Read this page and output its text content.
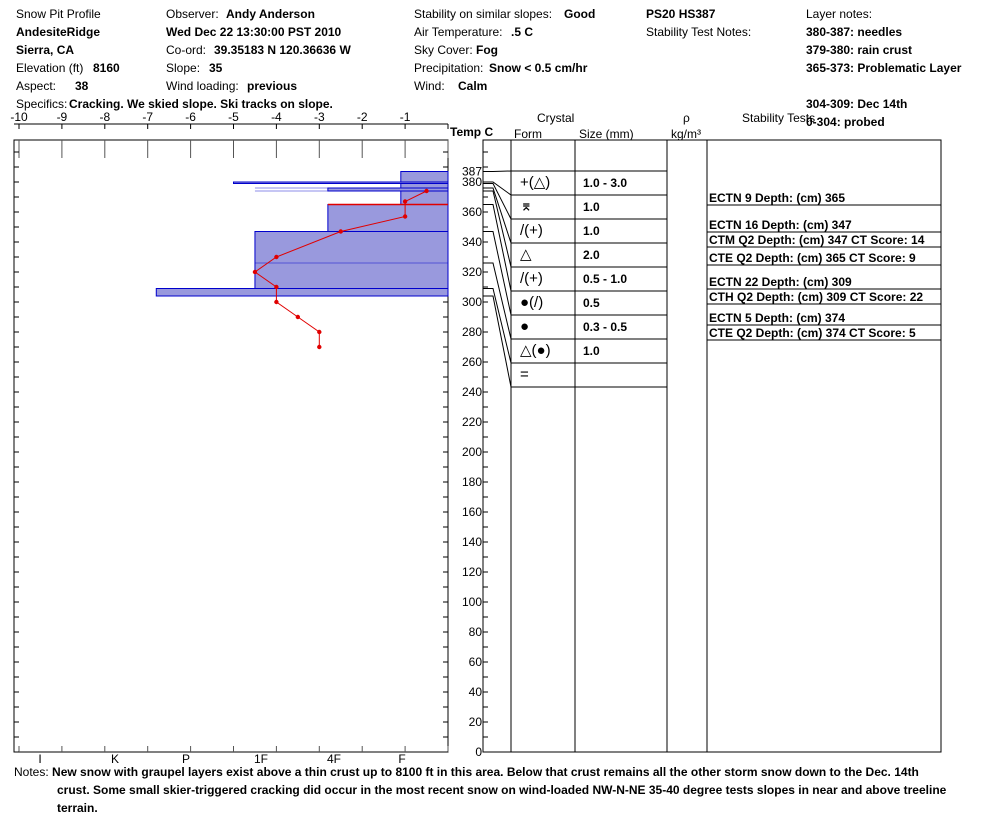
Snow Pit Profile
AndesiteRidge
Sierra, CA
Elevation (ft) 8160
Aspect: 38
Specifics: Cracking. We skied slope. Ski tracks on slope.
Observer: Andy Anderson
Wed Dec 22 13:30:00 PST 2010
Co-ord: 39.35183 N 120.36636 W
Slope: 35
Wind loading: previous
Stability on similar slopes: Good
Air Temperature: .5 C
Sky Cover: Fog
Precipitation: Snow < 0.5 cm/hr
Wind: Calm
PS20 HS387
Stability Test Notes:
Layer notes:
380-387: needles
379-380: rain crust
365-373: Problematic Layer
304-309: Dec 14th
0-304: probed
Temp C
Crystal
Form	Size (mm)
ρ
kg/m³
Stability Tests
-10 -9	-8	-7	-6	-5	-4	-3	-2	-1
0
20
40
60
80
100
120
140
160
180
200
220
240
260
280
300
320
340
360
380
387
I	K	P	1F	4F	F
+(△)	1.0 - 3.0
⌆	1.0
/(+)	1.0
△	2.0
/(+)	0.5 - 1.0
●(/)	0.5
●	0.3 - 0.5
△(●)	1.0
=
ECTN 9 Depth: (cm) 365
ECTN 16 Depth: (cm) 347
CTM Q2 Depth: (cm) 347 CT Score: 14
CTE Q2 Depth: (cm) 365 CT Score: 9
ECTN 22 Depth: (cm) 309
CTH Q2 Depth: (cm) 309 CT Score: 22
ECTN 5 Depth: (cm) 374
CTE Q2 Depth: (cm) 374 CT Score: 5
Notes: New snow with graupel layers exist above a thin crust up to 8100 ft in this area. Below that crust remains all the other storm snow down to the Dec. 14th
crust. Some small skier-triggered cracking did occur in the most recent snow on wind-loaded NW-N-NE 35-40 degree tests slopes in near and above treeline
terrain.
